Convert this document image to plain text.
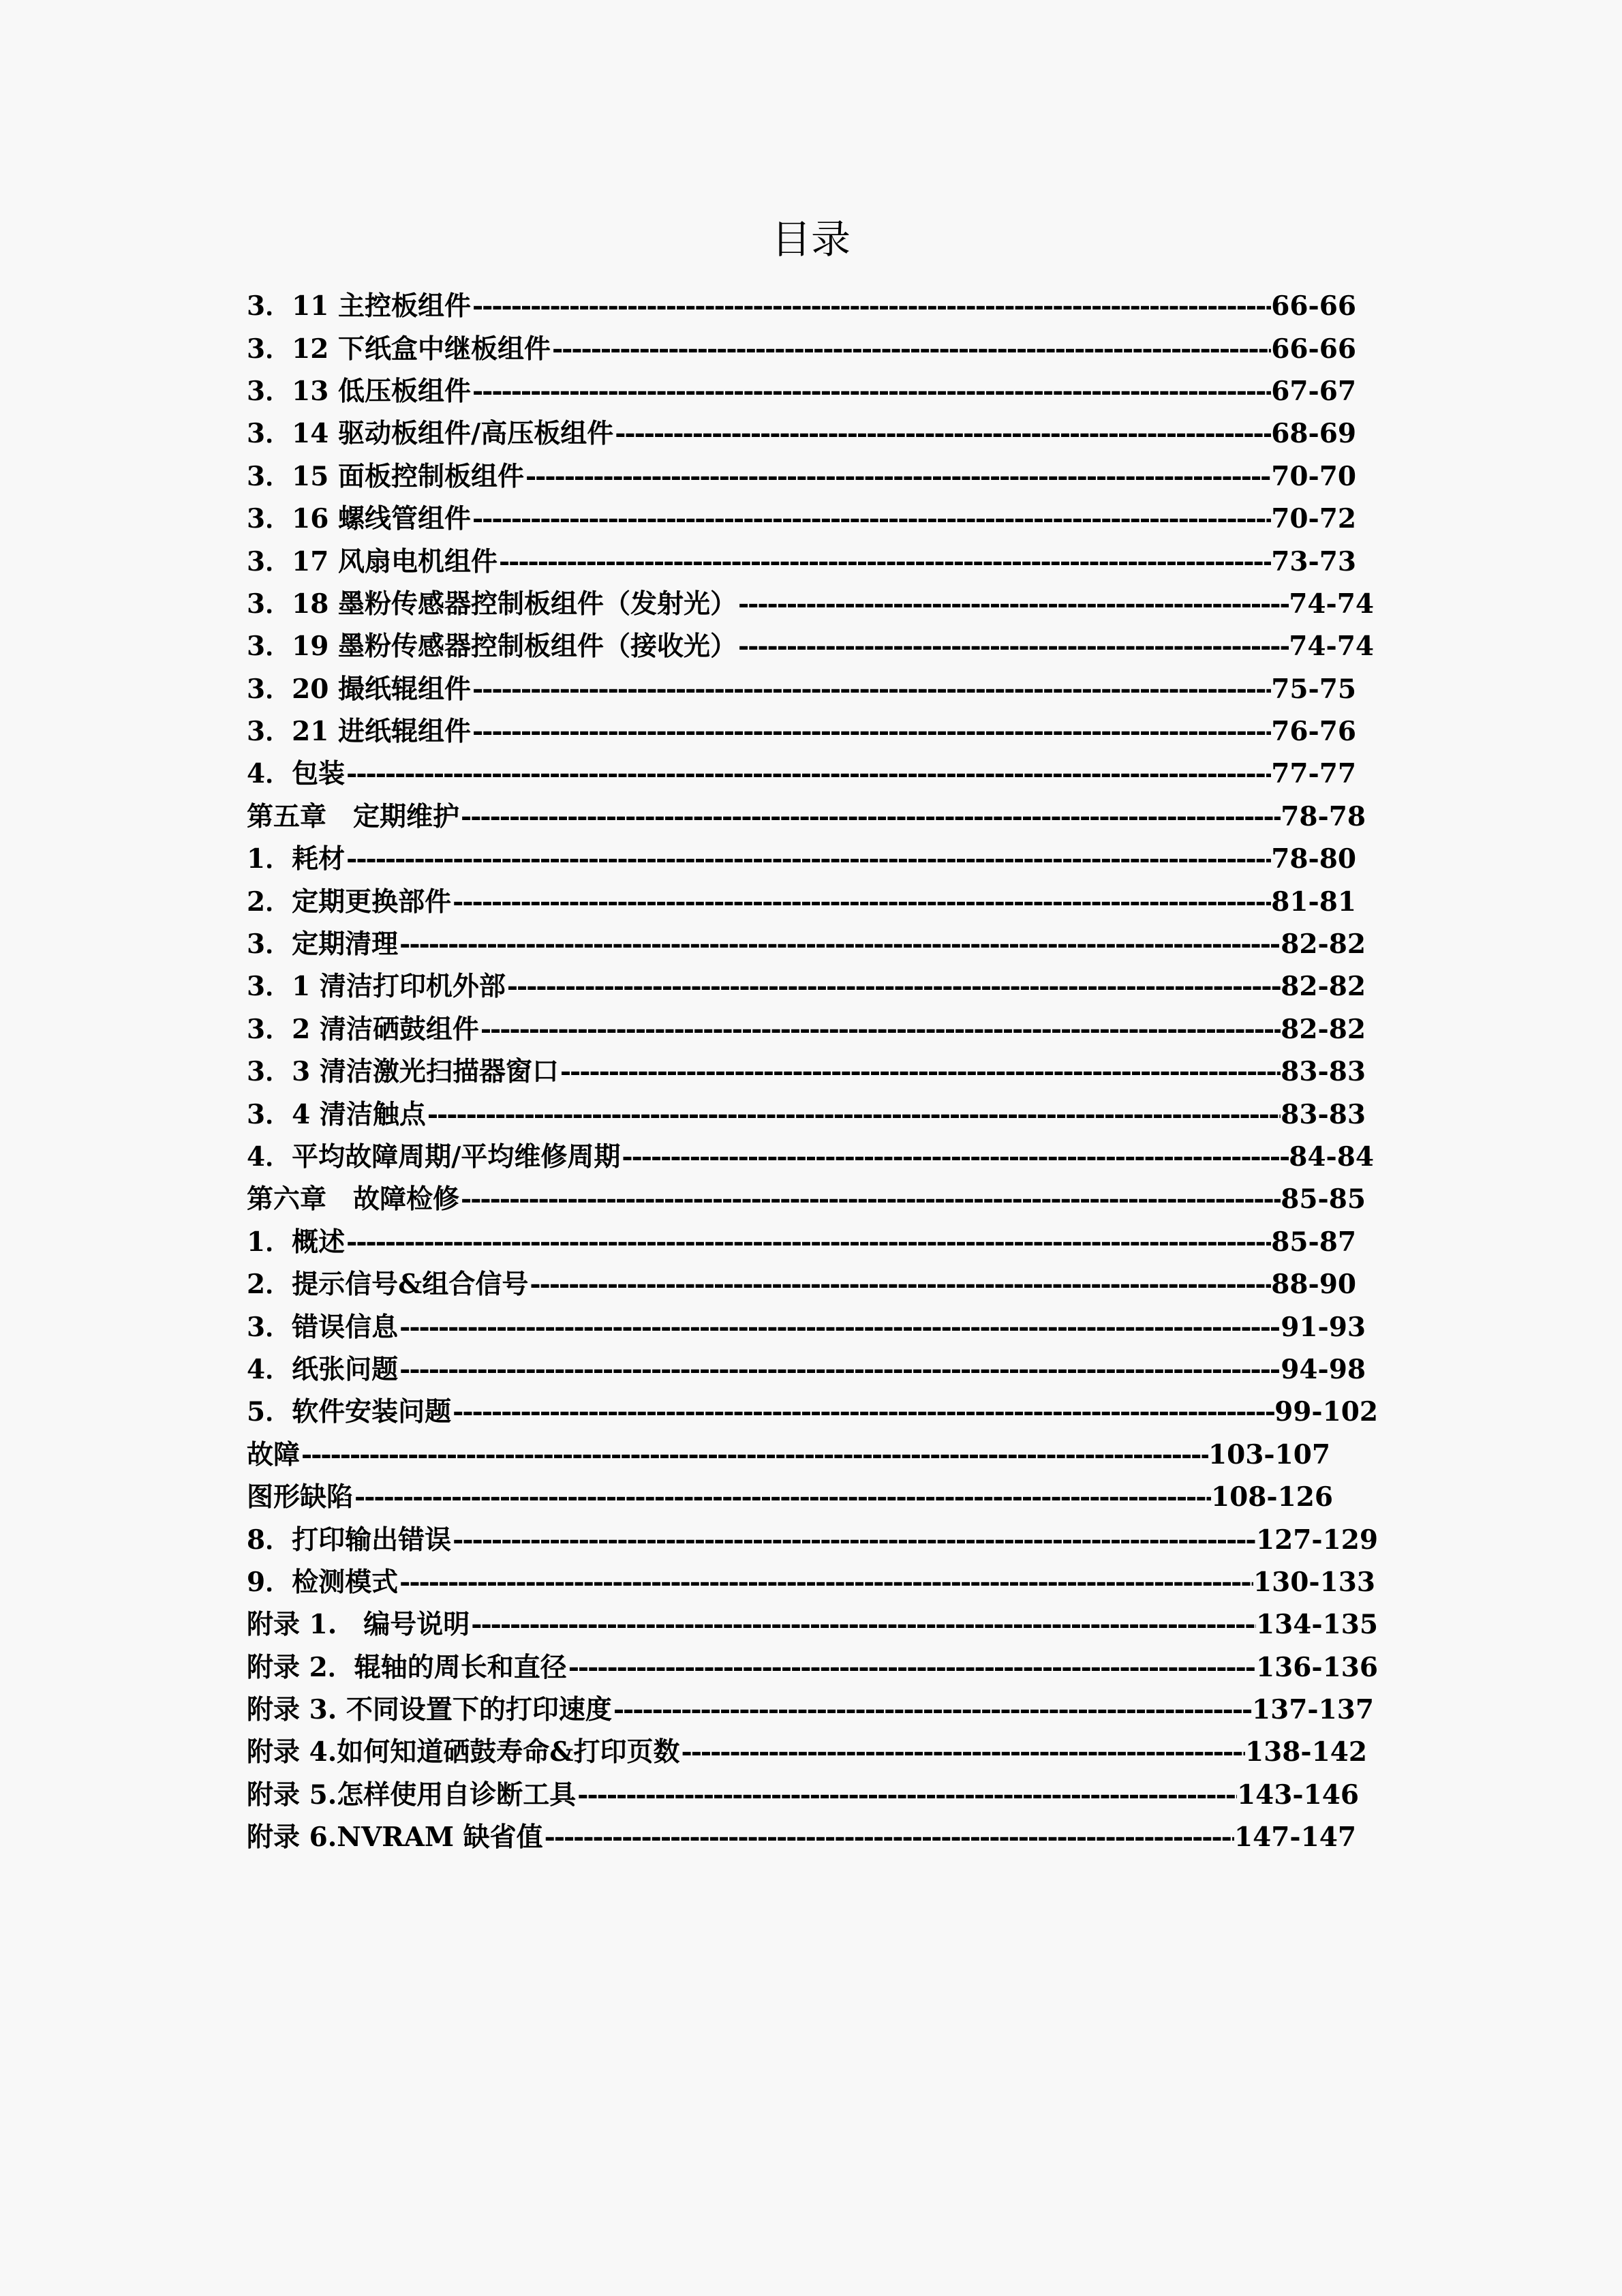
目录
3．11 主控板组件 -----	66-66
3．12 下纸盒中继板组件 -----	66-66
3．13 低压板组件 -----	67-67
3．14 驱动板组件/高压板组件 -----	68-69
3．15 面板控制板组件 -----	70-70
3．16 螺线管组件 -----	70-72
3．17 风扇电机组件 -----	73-73
3．18 墨粉传感器控制板组件（发射光） -----	74-74
3．19 墨粉传感器控制板组件（接收光） -----	74-74
3．20 撮纸辊组件 -----	75-75
3．21 进纸辊组件 -----	76-76
4．包装 -----	77-77
第五章　定期维护 -----	78-78
1．耗材 -----	78-80
2．定期更换部件 -----	81-81
3．定期清理 -----	82-82
3．1 清洁打印机外部 -----	82-82
3．2 清洁硒鼓组件 -----	82-82
3．3 清洁激光扫描器窗口 -----	83-83
3．4 清洁触点 -----	83-83
4．平均故障周期/平均维修周期 -----	84-84
第六章　故障检修 -----	85-85
1．概述 -----	85-87
2．提示信号&组合信号 -----	88-90
3．错误信息 -----	91-93
4．纸张问题 -----	94-98
5．软件安装问题 -----	99-102
故障 -----	103-107
图形缺陷 -----	108-126
8．打印输出错误 -----	127-129
9．检测模式 -----	130-133
附录 1.　编号说明 -----	134-135
附录 2．辊轴的周长和直径 -----	136-136
附录 3. 不同设置下的打印速度 -----	137-137
附录 4.如何知道硒鼓寿命&打印页数 -----	138-142
附录 5.怎样使用自诊断工具 -----	143-146
附录 6.NVRAM 缺省值 -----	147-147
